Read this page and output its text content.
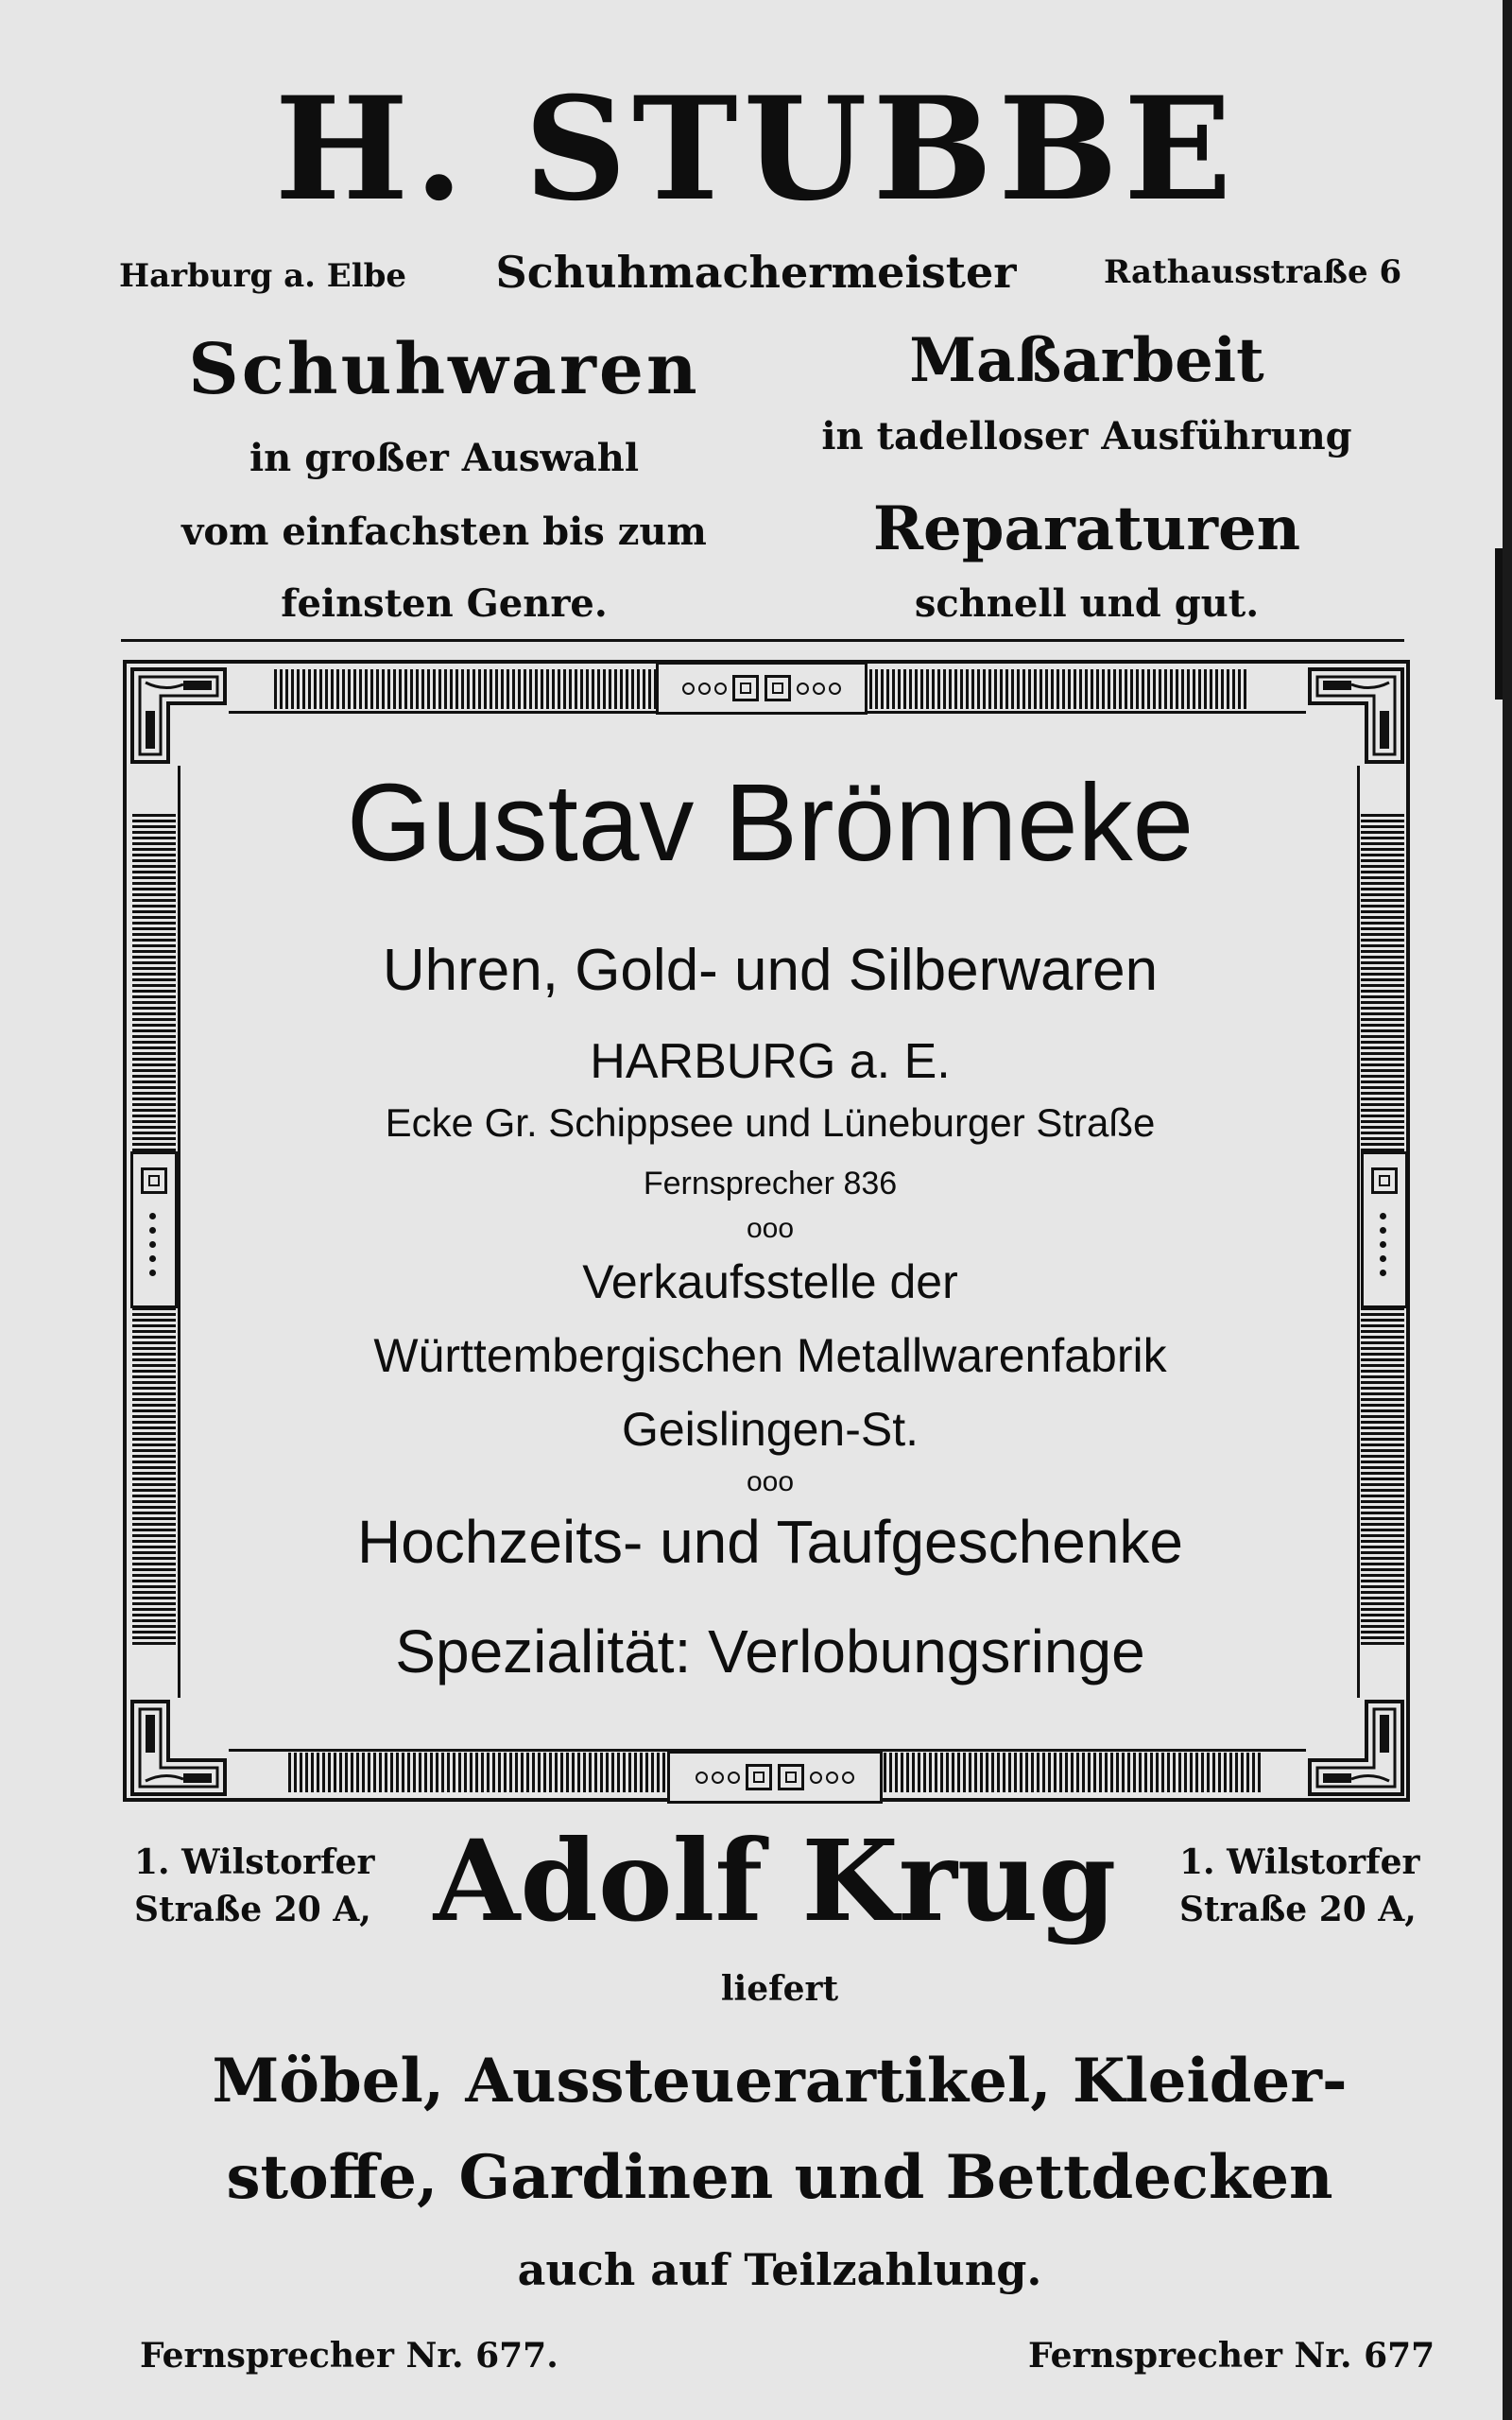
H. STUBBE
Harburg a. Elbe	Schuhmachermeister	Rathausstraße 6
Schuhwaren
in großer Auswahl
vom einfachsten bis zum
feinsten Genre.
Maßarbeit
in tadelloser Ausführung
Reparaturen
schnell und gut.
Gustav Brönneke
Uhren, Gold- und Silberwaren
HARBURG a. E.
Ecke Gr. Schippsee und Lüneburger Straße
Fernsprecher 836
ooo
Verkaufsstelle der
Württembergischen Metallwarenfabrik
Geislingen-St.
ooo
Hochzeits- und Taufgeschenke
Spezialität: Verlobungsringe
1. Wilstorfer
Straße 20 A, Adolf Krug	1. Wilstorfer
Straße 20 A,
liefert
Möbel, Aussteuerartikel, Kleider-
stoffe, Gardinen und Bettdecken
auch auf Teilzahlung.
Fernsprecher Nr. 677.	Fernsprecher Nr. 677
